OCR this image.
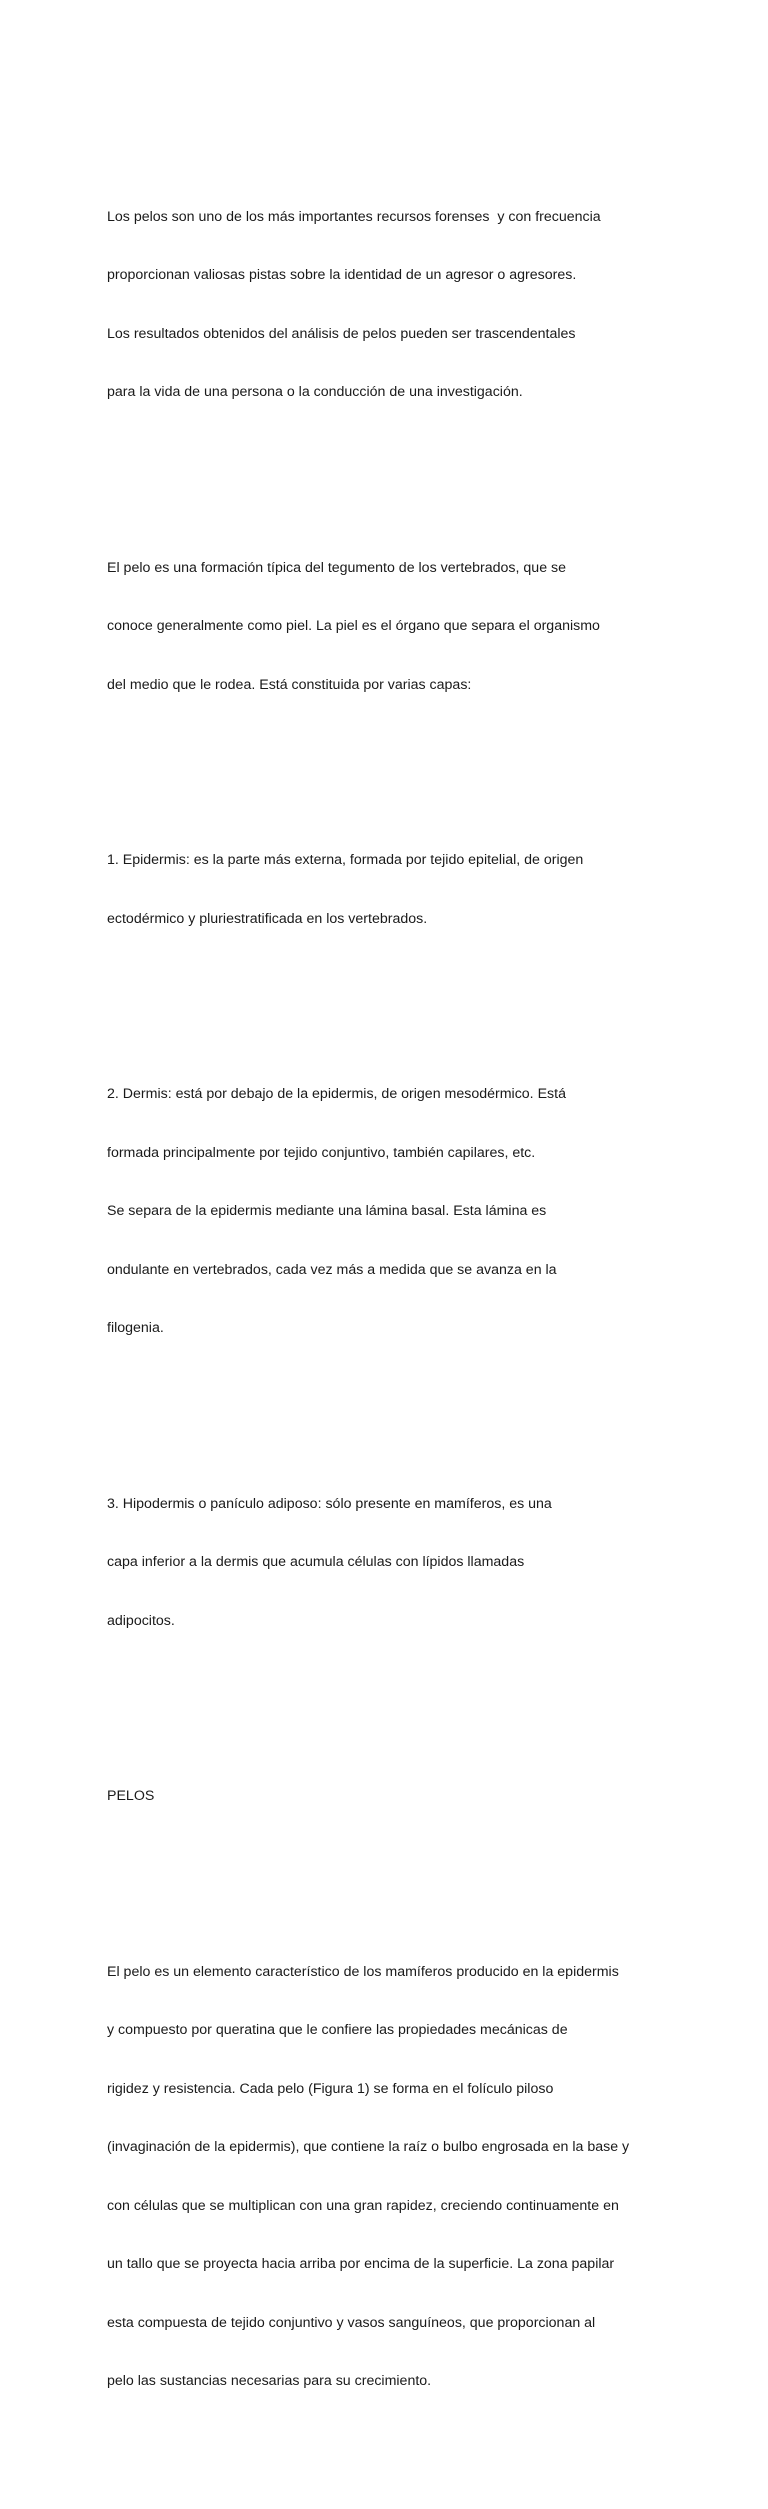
Los pelos son uno de los más importantes recursos forenses  y con frecuencia

proporcionan valiosas pistas sobre la identidad de un agresor o agresores.

Los resultados obtenidos del análisis de pelos pueden ser trascendentales

para la vida de una persona o la conducción de una investigación.

El pelo es una formación típica del tegumento de los vertebrados, que se

conoce generalmente como piel. La piel es el órgano que separa el organismo

del medio que le rodea. Está constituida por varias capas:

1. Epidermis: es la parte más externa, formada por tejido epitelial, de origen

ectodérmico y pluriestratificada en los vertebrados.

2. Dermis: está por debajo de la epidermis, de origen mesodérmico. Está

formada principalmente por tejido conjuntivo, también capilares, etc.

Se separa de la epidermis mediante una lámina basal. Esta lámina es

ondulante en vertebrados, cada vez más a medida que se avanza en la

filogenia.

3. Hipodermis o panículo adiposo: sólo presente en mamíferos, es una

capa inferior a la dermis que acumula células con lípidos llamadas

adipocitos.

PELOS

El pelo es un elemento característico de los mamíferos producido en la epidermis

y compuesto por queratina que le confiere las propiedades mecánicas de

rigidez y resistencia. Cada pelo (Figura 1) se forma en el folículo piloso

(invaginación de la epidermis), que contiene la raíz o bulbo engrosada en la base y

con células que se multiplican con una gran rapidez, creciendo continuamente en

un tallo que se proyecta hacia arriba por encima de la superficie. La zona papilar

esta compuesta de tejido conjuntivo y vasos sanguíneos, que proporcionan al

pelo las sustancias necesarias para su crecimiento.
